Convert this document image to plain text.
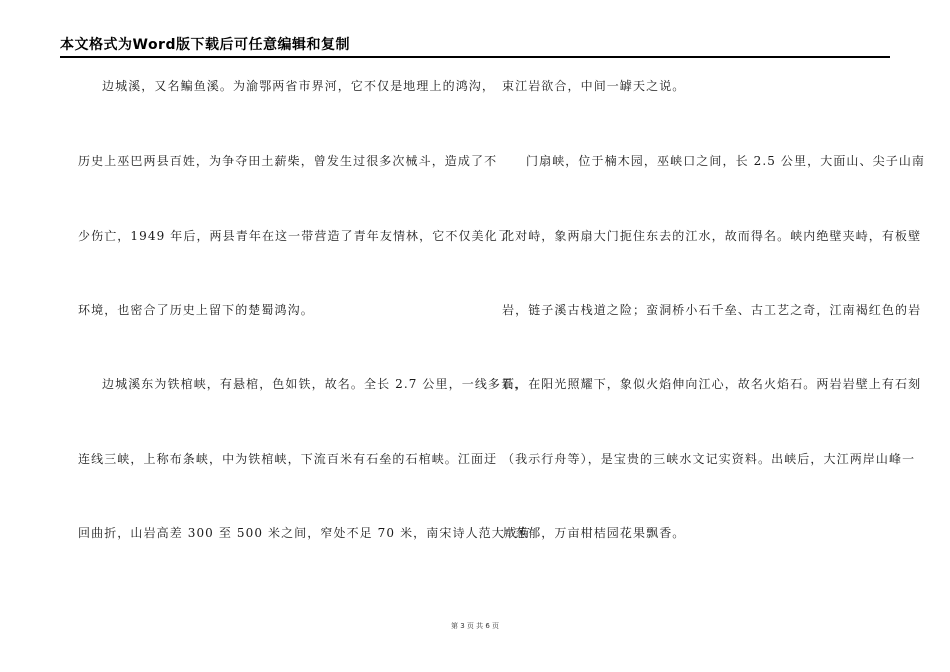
本文格式为Word版下载后可任意编辑和复制
边城溪，又名鳊鱼溪。为渝鄂两省市界河，它不仅是地理上的鸿沟，
历史上巫巴两县百姓，为争夺田土薪柴，曾发生过很多次械斗，造成了不
少伤亡，1949 年后，两县青年在这一带营造了青年友情林，它不仅美化了
环境，也密合了历史上留下的楚蜀鸿沟。
边城溪东为铁棺峡，有悬棺，色如铁，故名。全长 2.7 公里，一线多景，
连线三峡，上称布条峡，中为铁棺峡，下流百米有石垒的石棺峡。江面迂
回曲折，山岩高差 300 至 500 米之间，窄处不足 70 米，南宋诗人范大成有
束江岩欲合，中间一罅天之说。
门扇峡，位于楠木园，巫峡口之间，长 2.5 公里，大面山、尖子山南
北对峙，象两扇大门扼住东去的江水，故而得名。峡内绝壁夹峙，有板壁
岩，链子溪古栈道之险；蛮洞桥小石千垒、古工艺之奇，江南褐红色的岩
石，在阳光照耀下，象似火焰伸向江心，故名火焰石。两岩岩壁上有石刻
（我示行舟等），是宝贵的三峡水文记实资料。出峡后，大江两岸山峰一
片葱郁，万亩柑桔园花果飘香。
第 3 页 共 6 页
